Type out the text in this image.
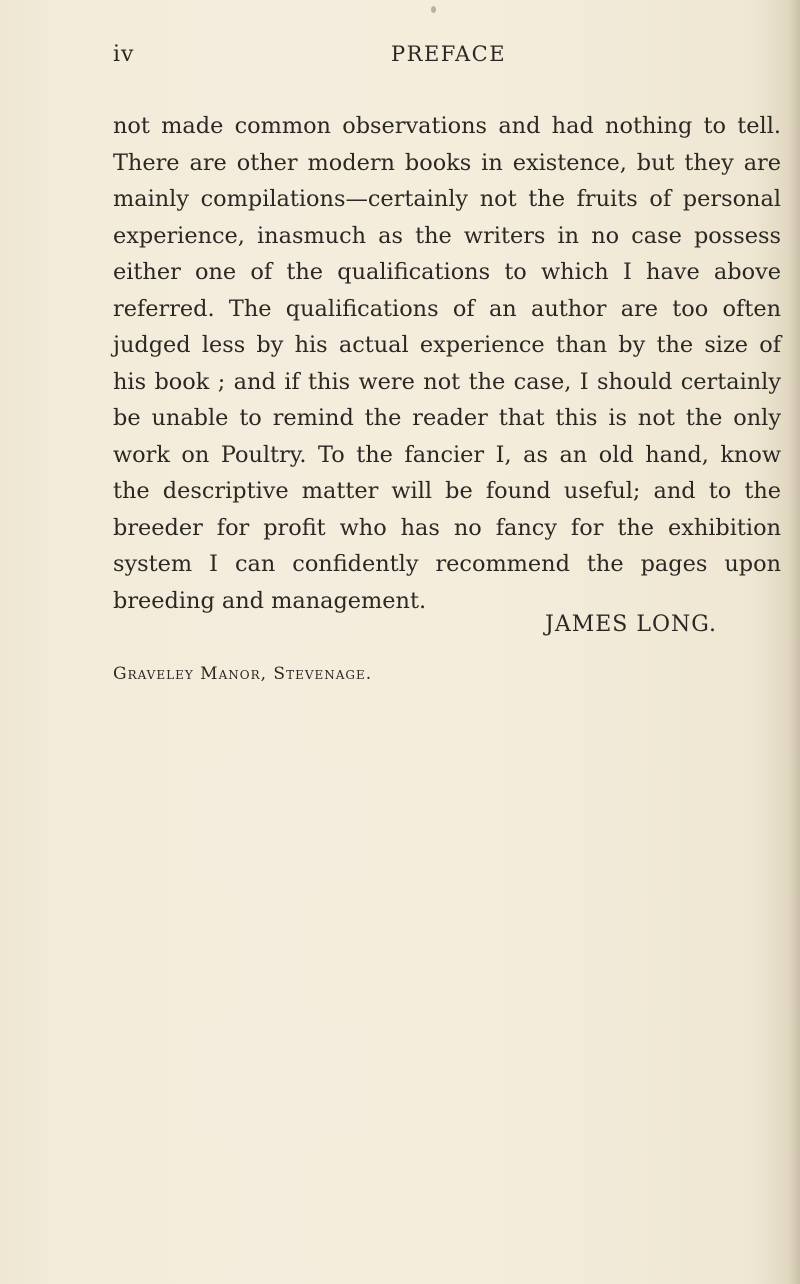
iv	PREFACE
not made common observations and had nothing to tell.
There are other modern books in existence, but they are
mainly compilations—certainly not the fruits of personal
experience, inasmuch as the writers in no case possess
either one of the qualifications to which I have above
referred. The qualifications of an author are too often
judged less by his actual experience than by the size of
his book ; and if this were not the case, I should certainly
be unable to remind the reader that this is not the only
work on Poultry. To the fancier I, as an old hand, know
the descriptive matter will be found useful; and to the
breeder for profit who has no fancy for the exhibition
system I can confidently recommend the pages upon
breeding and management.
JAMES LONG.
Graveley Manor, Stevenage.
